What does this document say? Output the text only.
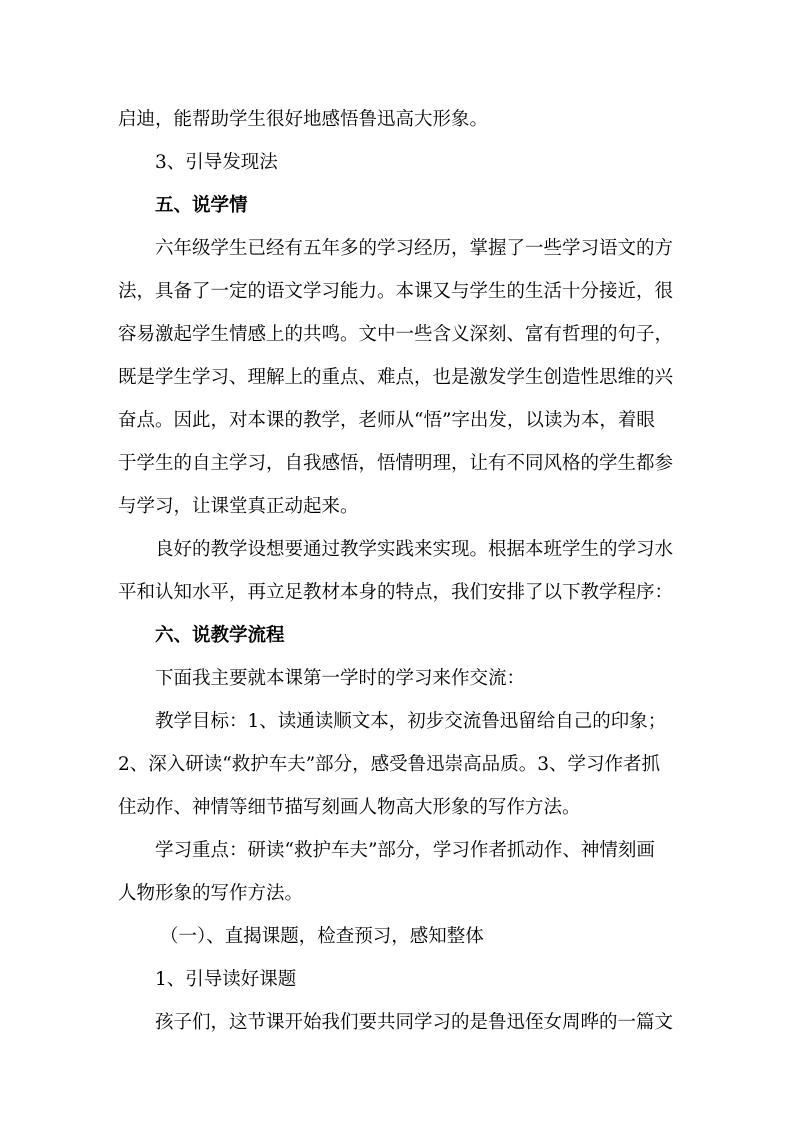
启迪，能帮助学生很好地感悟鲁迅高大形象。
3、引导发现法
五、说学情
六年级学生已经有五年多的学习经历，掌握了一些学习语文的方
法，具备了一定的语文学习能力。本课又与学生的生活十分接近，很
容易激起学生情感上的共鸣。文中一些含义深刻、富有哲理的句子，
既是学生学习、理解上的重点、难点，也是激发学生创造性思维的兴
奋点。因此，对本课的教学，老师从“悟”字出发，以读为本，着眼
于学生的自主学习，自我感悟，悟情明理，让有不同风格的学生都参
与学习，让课堂真正动起来。
良好的教学设想要通过教学实践来实现。根据本班学生的学习水
平和认知水平，再立足教材本身的特点，我们安排了以下教学程序：
六、说教学流程
下面我主要就本课第一学时的学习来作交流：
教学目标：1、读通读顺文本，初步交流鲁迅留给自己的印象；
2、深入研读“救护车夫”部分，感受鲁迅崇高品质。3、学习作者抓
住动作、神情等细节描写刻画人物高大形象的写作方法。
学习重点：研读“救护车夫”部分，学习作者抓动作、神情刻画
人物形象的写作方法。
（一）、直揭课题，检查预习，感知整体
1、引导读好课题
孩子们，这节课开始我们要共同学习的是鲁迅侄女周晔的一篇文
